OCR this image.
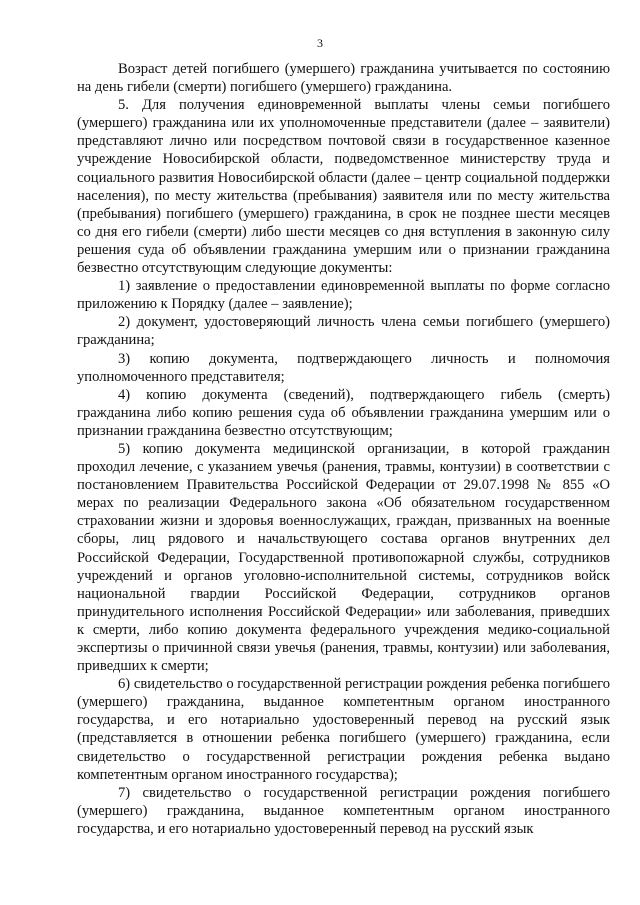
3

Возраст детей погибшего (умершего) гражданина учитывается по состоянию на день гибели (смерти) погибшего (умершего) гражданина.

5. Для получения единовременной выплаты члены семьи погибшего (умершего) гражданина или их уполномоченные представители (далее – заявители) представляют лично или посредством почтовой связи в государственное казенное учреждение Новосибирской области, подведомственное министерству труда и социального развития Новосибирской области (далее – центр социальной поддержки населения), по месту жительства (пребывания) заявителя или по месту жительства (пребывания) погибшего (умершего) гражданина, в срок не позднее шести месяцев со дня его гибели (смерти) либо шести месяцев со дня вступления в законную силу решения суда об объявлении гражданина умершим или о признании гражданина безвестно отсутствующим следующие документы:

1) заявление о предоставлении единовременной выплаты по форме согласно приложению к Порядку (далее – заявление);

2) документ, удостоверяющий личность члена семьи погибшего (умершего) гражданина;

3) копию документа, подтверждающего личность и полномочия уполномоченного представителя;

4) копию документа (сведений), подтверждающего гибель (смерть) гражданина либо копию решения суда об объявлении гражданина умершим или о признании гражданина безвестно отсутствующим;

5) копию документа медицинской организации, в которой гражданин проходил лечение, с указанием увечья (ранения, травмы, контузии) в соответствии с постановлением Правительства Российской Федерации от 29.07.1998 № 855 «О мерах по реализации Федерального закона «Об обязательном государственном страховании жизни и здоровья военнослужащих, граждан, призванных на военные сборы, лиц рядового и начальствующего состава органов внутренних дел Российской Федерации, Государственной противопожарной службы, сотрудников учреждений и органов уголовно-исполнительной системы, сотрудников войск национальной гвардии Российской Федерации, сотрудников органов принудительного исполнения Российской Федерации» или заболевания, приведших к смерти, либо копию документа федерального учреждения медико-социальной экспертизы о причинной связи увечья (ранения, травмы, контузии) или заболевания, приведших к смерти;

6) свидетельство о государственной регистрации рождения ребенка погибшего (умершего) гражданина, выданное компетентным органом иностранного государства, и его нотариально удостоверенный перевод на русский язык (представляется в отношении ребенка погибшего (умершего) гражданина, если свидетельство о государственной регистрации рождения ребенка выдано компетентным органом иностранного государства);

7) свидетельство о государственной регистрации рождения погибшего (умершего) гражданина, выданное компетентным органом иностранного государства, и его нотариально удостоверенный перевод на русский язык
